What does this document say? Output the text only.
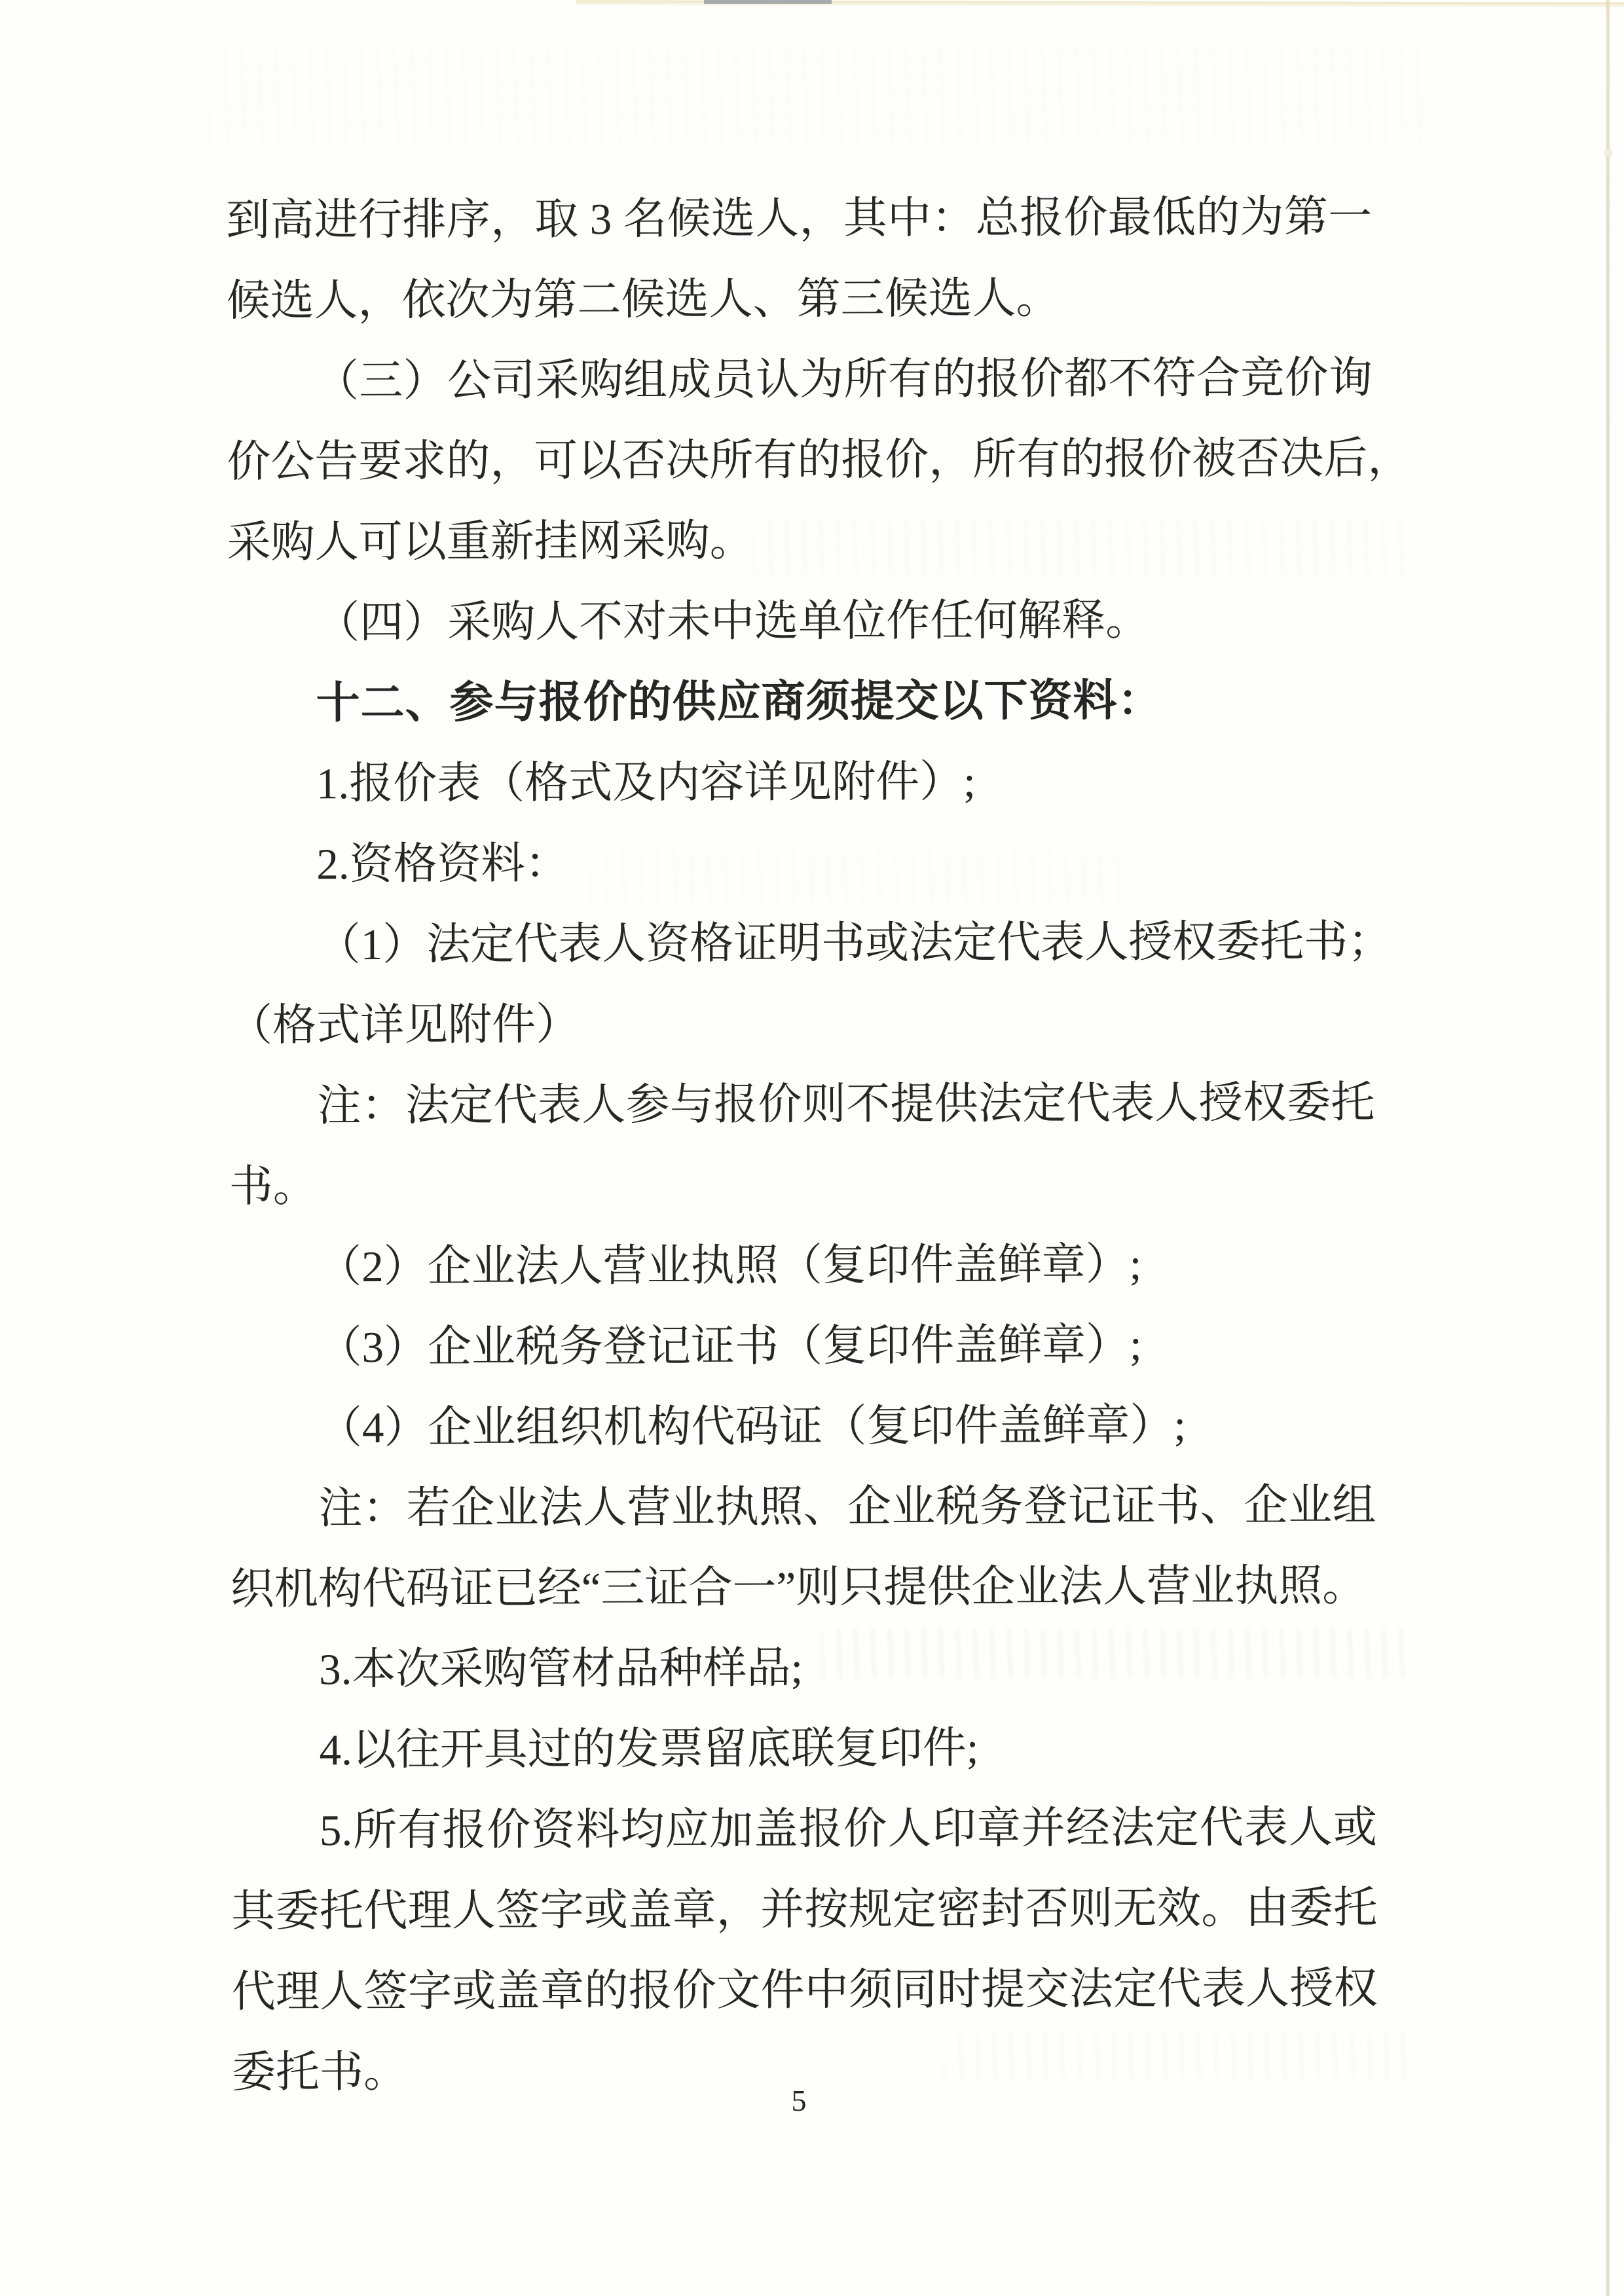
到高进行排序，取 3 名候选人，其中：总报价最低的为第一
候选人，依次为第二候选人、第三候选人。
（三）公司采购组成员认为所有的报价都不符合竞价询
价公告要求的，可以否决所有的报价，所有的报价被否决后，
采购人可以重新挂网采购。
（四）采购人不对未中选单位作任何解释。
十二、参与报价的供应商须提交以下资料：
1.报价表（格式及内容详见附件）;
2.资格资料：
（1）法定代表人资格证明书或法定代表人授权委托书；
（格式详见附件）
注：法定代表人参与报价则不提供法定代表人授权委托
书。
（2）企业法人营业执照（复印件盖鲜章）;
（3）企业税务登记证书（复印件盖鲜章）;
（4）企业组织机构代码证（复印件盖鲜章）;
注：若企业法人营业执照、企业税务登记证书、企业组
织机构代码证已经“三证合一”则只提供企业法人营业执照。
3.本次采购管材品种样品;
4.以往开具过的发票留底联复印件;
5.所有报价资料均应加盖报价人印章并经法定代表人或
其委托代理人签字或盖章，并按规定密封否则无效。由委托
代理人签字或盖章的报价文件中须同时提交法定代表人授权
委托书。
5
